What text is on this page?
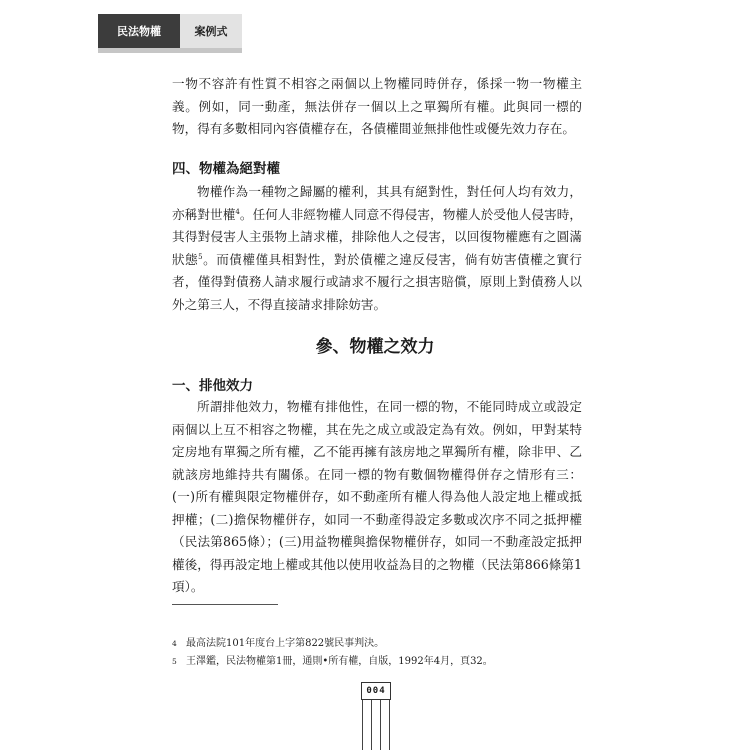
民法物權	案例式
一物不容許有性質不相容之兩個以上物權同時併存，係採一物一物權主義。例如，同一動產，無法併存一個以上之單獨所有權。此與同一標的物，得有多數相同內容債權存在，各債權間並無排他性或優先效力存在。
四、物權為絕對權
物權作為一種物之歸屬的權利，其具有絕對性，對任何人均有效力，亦稱對世權$^4$。任何人非經物權人同意不得侵害，物權人於受他人侵害時，其得對侵害人主張物上請求權，排除他人之侵害，以回復物權應有之圓滿狀態$^5$。而債權僅具相對性，對於債權之違反侵害，倘有妨害債權之實行者，僅得對債務人請求履行或請求不履行之損害賠償，原則上對債務人以外之第三人，不得直接請求排除妨害。
參、物權之效力
一、排他效力
所謂排他效力，物權有排他性，在同一標的物，不能同時成立或設定兩個以上互不相容之物權，其在先之成立或設定為有效。例如，甲對某特定房地有單獨之所有權，乙不能再擁有該房地之單獨所有權，除非甲、乙就該房地維持共有關係。在同一標的物有數個物權得併存之情形有三：(一)所有權與限定物權併存，如不動產所有權人得為他人設定地上權或抵押權；(二)擔保物權併存，如同一不動產得設定多數或次序不同之抵押權（民法第865條）；(三)用益物權與擔保物權併存，如同一不動產設定抵押權後，得再設定地上權或其他以使用收益為目的之物權（民法第866條第1項）。
4 最高法院101年度台上字第822號民事判決。
5 王澤鑑，民法物權第1冊，通則•所有權，自版，1992年4月，頁32。
004
